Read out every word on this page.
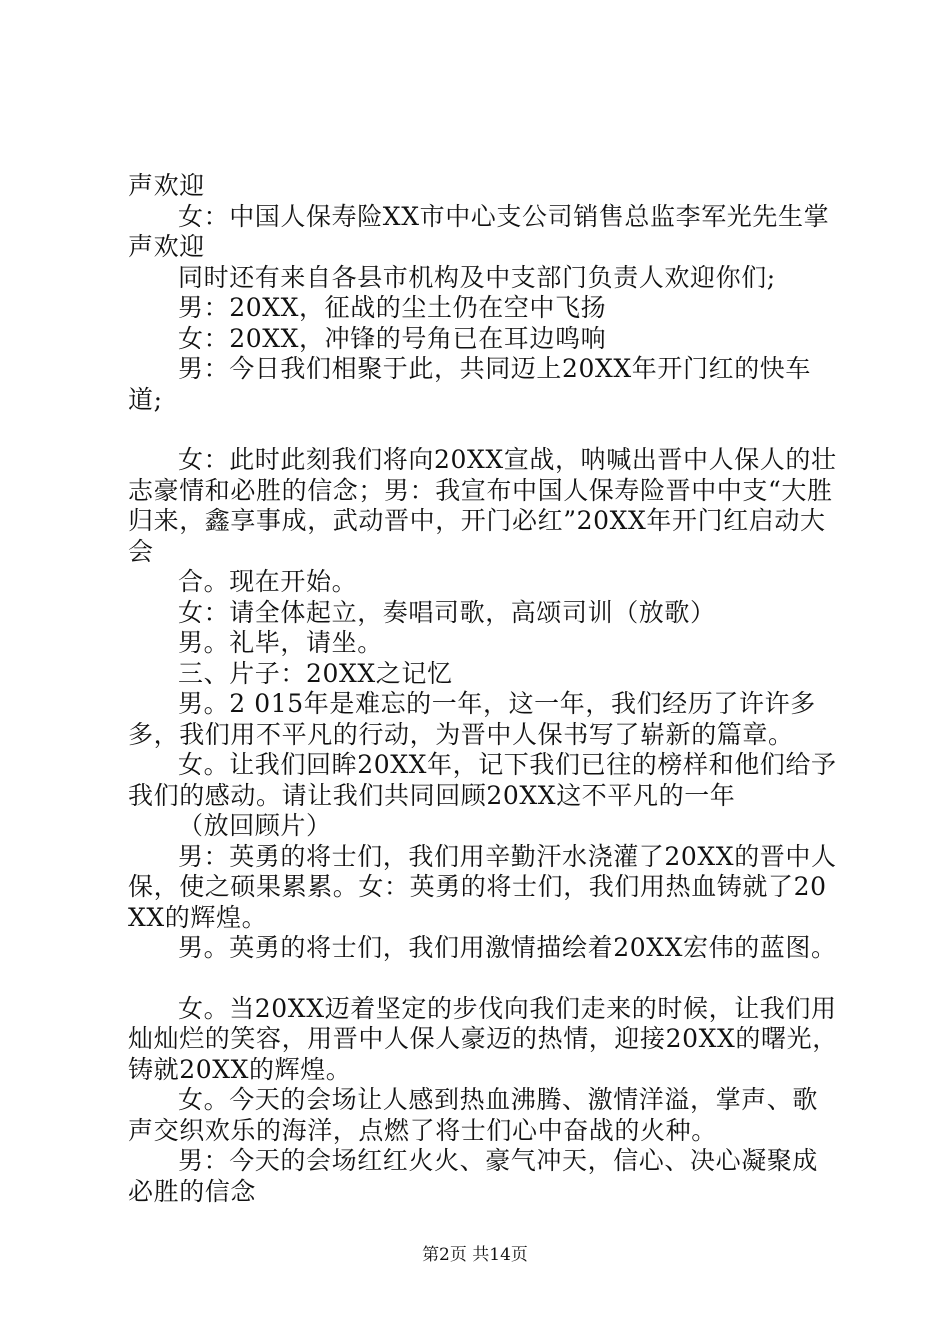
声欢迎

女：中国人保寿险XX市中心支公司销售总监李军光先生掌声欢迎

同时还有来自各县市机构及中支部门负责人欢迎你们;

男：20XX，征战的尘土仍在空中飞扬

女：20XX，冲锋的号角已在耳边鸣响

男：今日我们相聚于此，共同迈上20XX年开门红的快车道;

女：此时此刻我们将向20XX宣战，呐喊出晋中人保人的壮志豪情和必胜的信念；男：我宣布中国人保寿险晋中中支“大胜归来，鑫享事成，武动晋中，开门必红”20XX年开门红启动大会

合。现在开始。

女：请全体起立，奏唱司歌，高颂司训（放歌）

男。礼毕，请坐。

三、片子：20XX之记忆

男。2 015年是难忘的一年，这一年，我们经历了许许多多，我们用不平凡的行动，为晋中人保书写了崭新的篇章。

女。让我们回眸20XX年，记下我们已往的榜样和他们给予我们的感动。请让我们共同回顾20XX这不平凡的一年

（放回顾片）

男：英勇的将士们，我们用辛勤汗水浇灌了20XX的晋中人保，使之硕果累累。女：英勇的将士们，我们用热血铸就了20XX的辉煌。

男。英勇的将士们，我们用激情描绘着20XX宏伟的蓝图。

女。当20XX迈着坚定的步伐向我们走来的时候，让我们用灿灿烂的笑容，用晋中人保人豪迈的热情，迎接20XX的曙光，铸就20XX的辉煌。

女。今天的会场让人感到热血沸腾、激情洋溢，掌声、歌声交织欢乐的海洋，点燃了将士们心中奋战的火种。

男：今天的会场红红火火、豪气冲天，信心、决心凝聚成必胜的信念

第2页 共14页
